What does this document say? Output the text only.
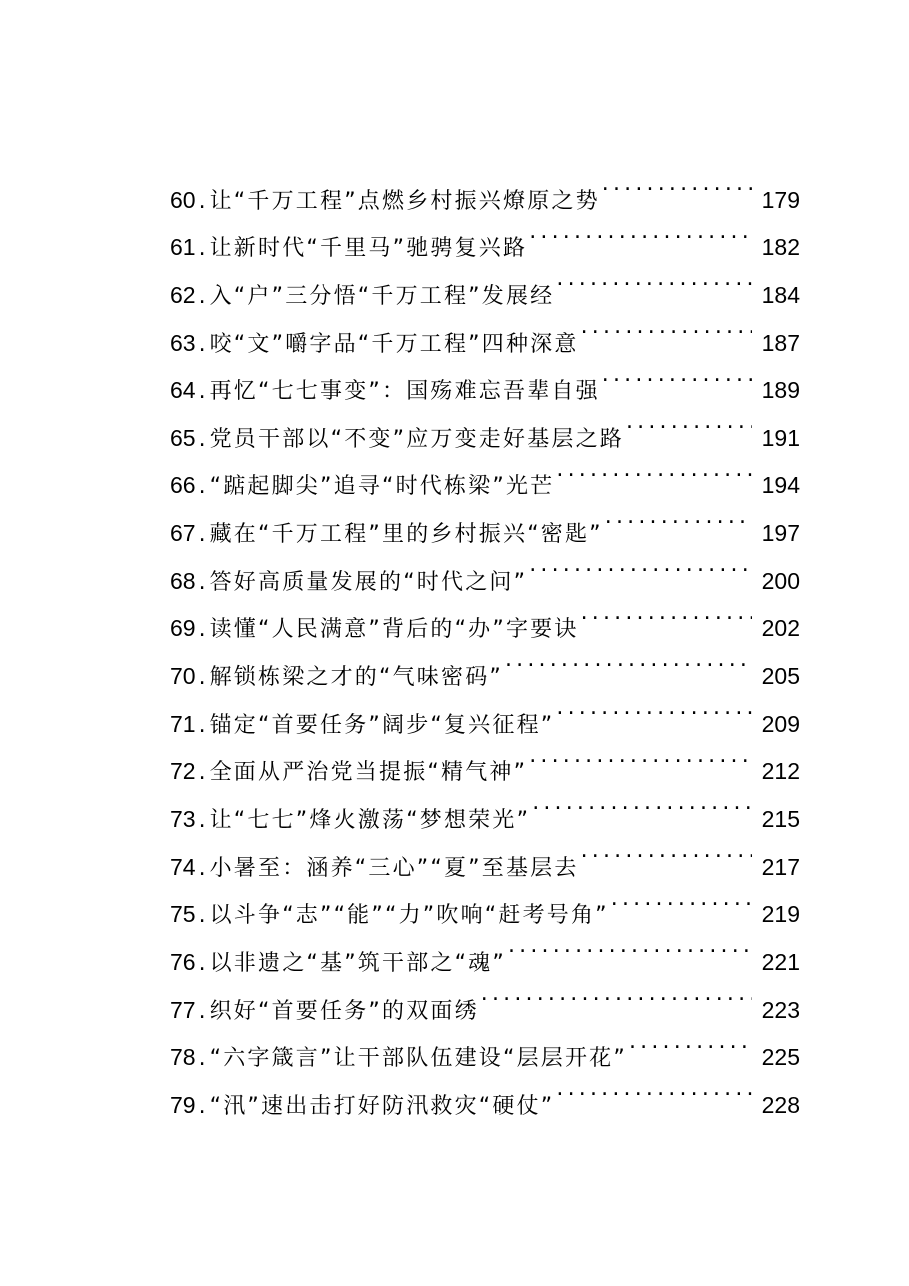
60 . 让“千万工程”点燃乡村振兴燎原之势 . . .	179
61 . 让新时代“千里马”驰骋复兴路 . . .	182
62 . 入“户”三分悟“千万工程”发展经 . . .	184
63 . 咬“文”嚼字品“千万工程”四种深意 . . .	187
64 . 再忆“七七事变”：国殇难忘吾辈自强 . . .	189
65 . 党员干部以“不变”应万变走好基层之路 . . .	191
66 . “踮起脚尖”追寻“时代栋梁”光芒 . . .	194
67 . 藏在“千万工程”里的乡村振兴“密匙” . . .	197
68 . 答好高质量发展的“时代之问” . . .	200
69 . 读懂“人民满意”背后的“办”字要诀 . . .	202
70 . 解锁栋梁之才的“气味密码” . . .	205
71 . 锚定“首要任务”阔步“复兴征程” . . .	209
72 . 全面从严治党当提振“精气神” . . .	212
73 . 让“七七”烽火激荡“梦想荣光” . . .	215
74 . 小暑至：涵养“三心”“夏”至基层去 . . .	217
75 . 以斗争“志”“能”“力”吹响“赶考号角” . . .	219
76 . 以非遗之“基”筑干部之“魂” . . .	221
77 . 织好“首要任务”的双面绣 . . .	223
78 . “六字箴言”让干部队伍建设“层层开花” . . .	225
79 . “汛”速出击打好防汛救灾“硬仗” . . .	228
